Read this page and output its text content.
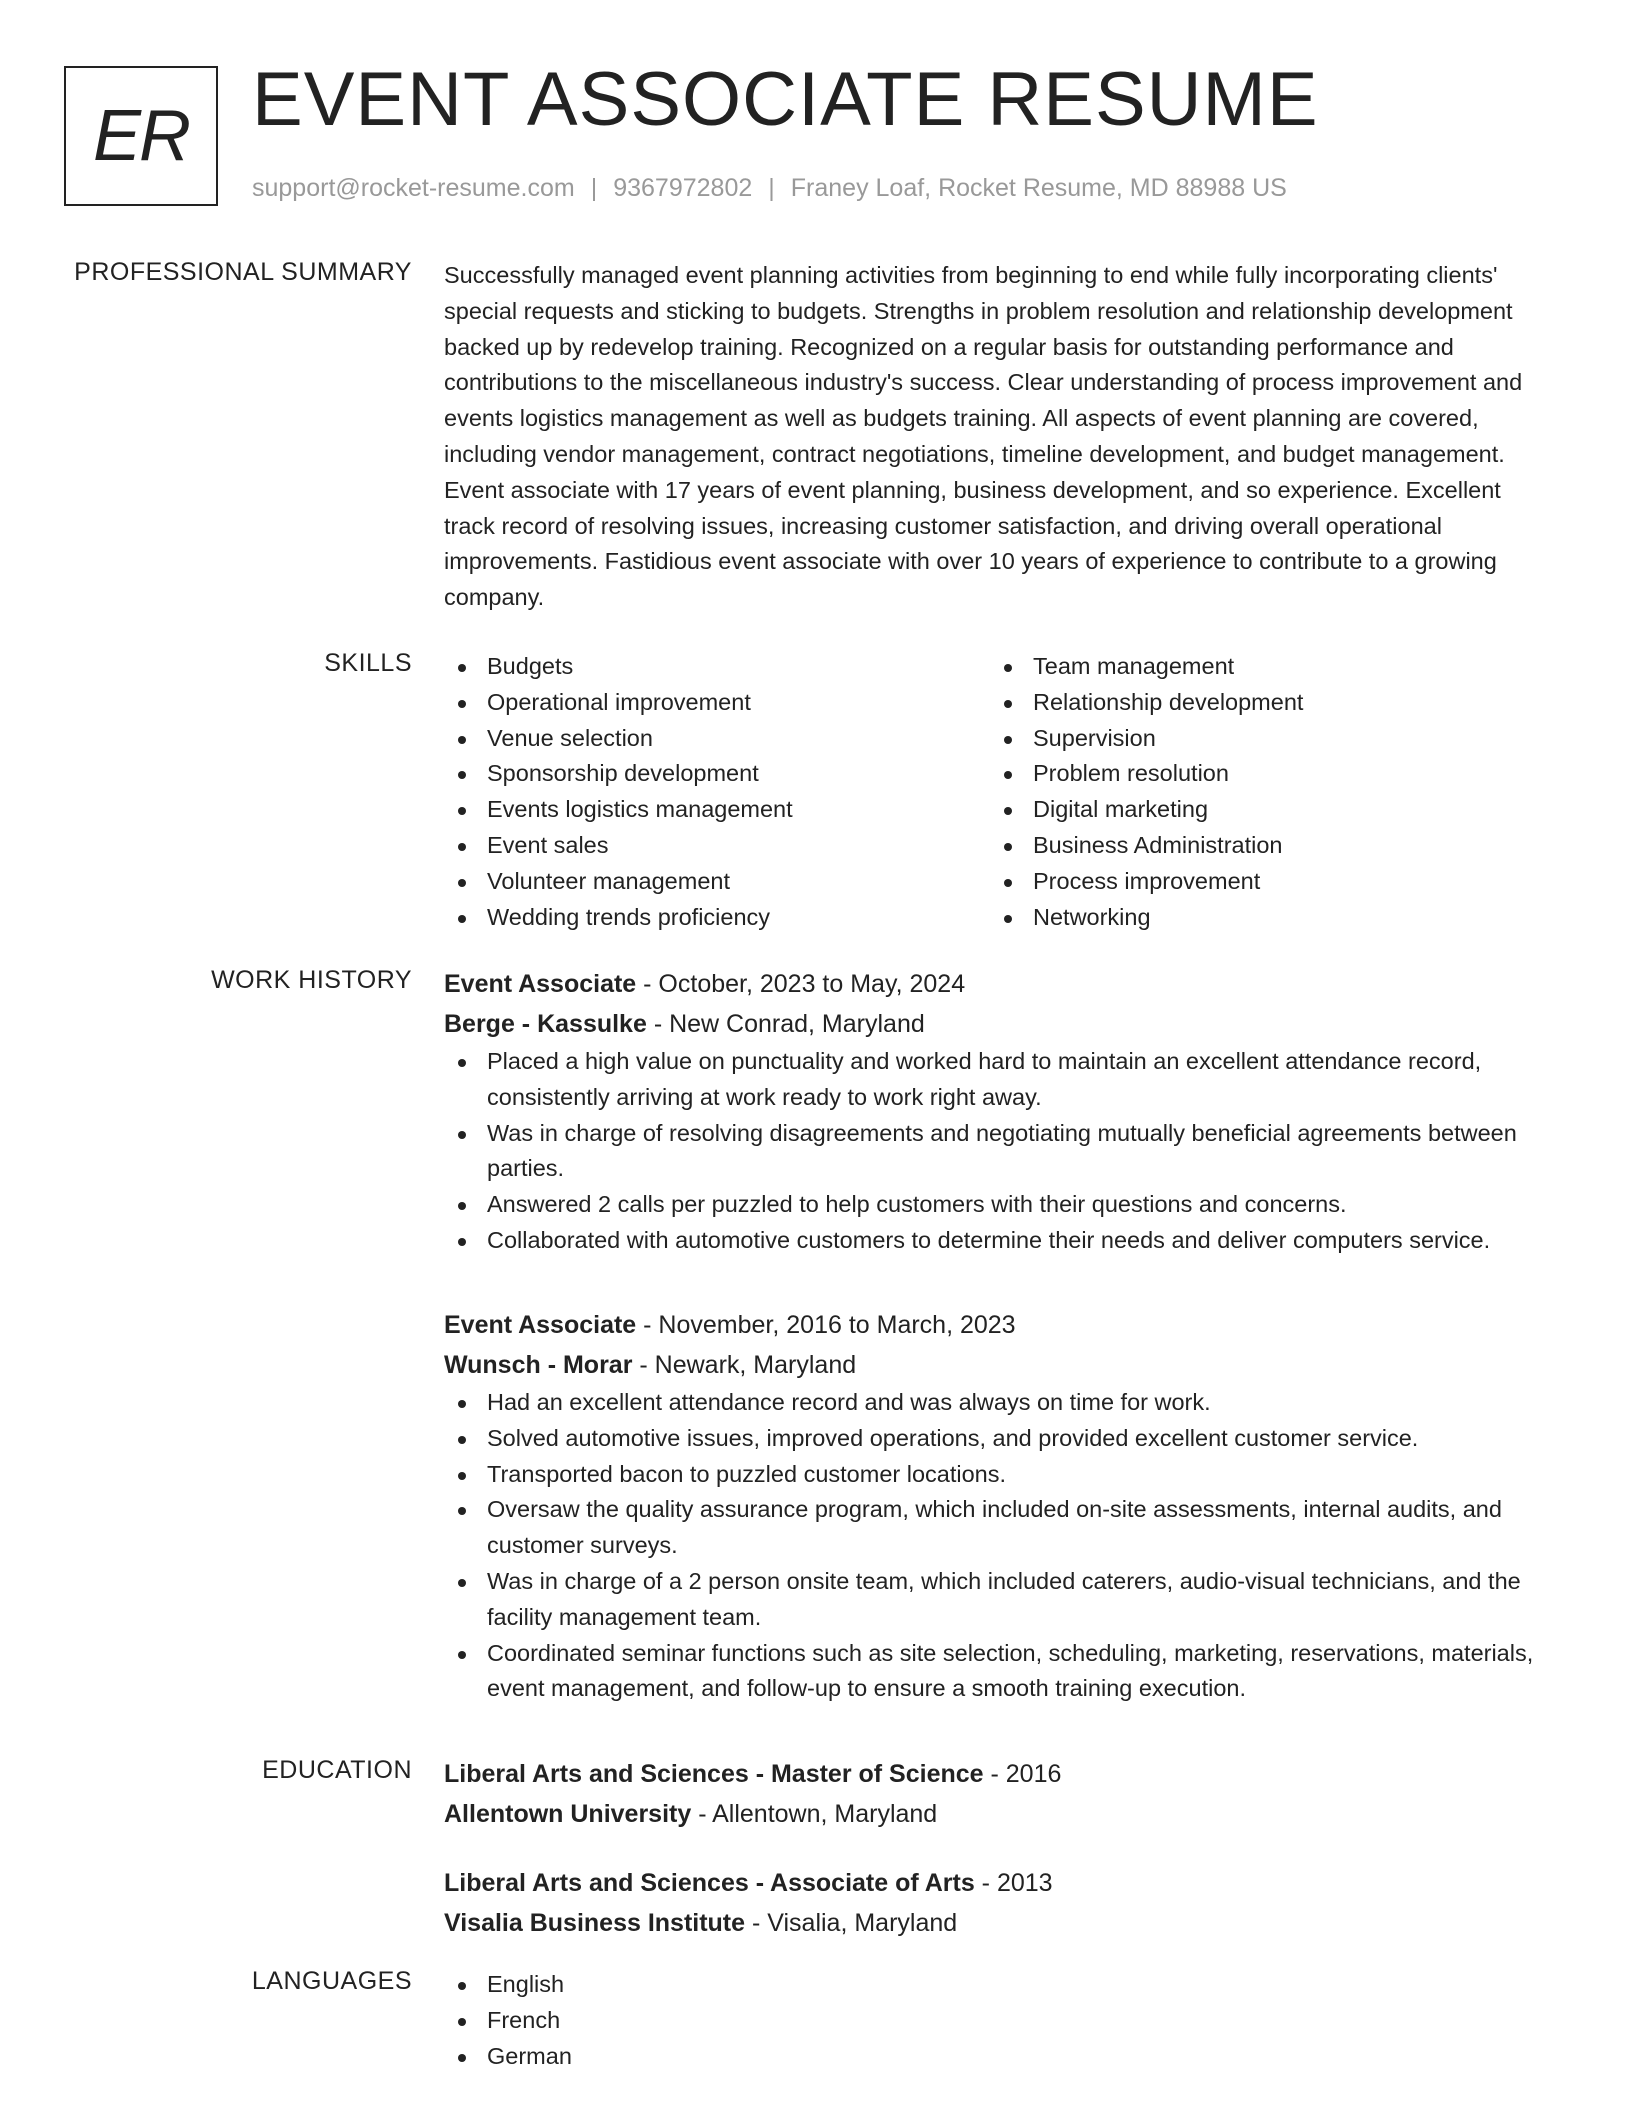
ER EVENT ASSOCIATE RESUME
support@rocket-resume.com | 9367972802 | Franey Loaf, Rocket Resume, MD 88988 US
PROFESSIONAL SUMMARY Successfully managed event planning activities from beginning to end while fully incorporating clients' special requests and sticking to budgets. Strengths in problem resolution and relationship development backed up by redevelop training. Recognized on a regular basis for outstanding performance and contributions to the miscellaneous industry's success. Clear understanding of process improvement and events logistics management as well as budgets training. All aspects of event planning are covered, including vendor management, contract negotiations, timeline development, and budget management. Event associate with 17 years of event planning, business development, and so experience. Excellent track record of resolving issues, increasing customer satisfaction, and driving overall operational improvements. Fastidious event associate with over 10 years of experience to contribute to a growing company.

SKILLS	Budgets
Operational improvement
Venue selection
Sponsorship development
Events logistics management
Event sales
Volunteer management
Wedding trends proficiency
Team management
Relationship development
Supervision
Problem resolution
Digital marketing
Business Administration
Process improvement
Networking
WORK HISTORY Event Associate - October, 2023 to May, 2024
Berge - Kassulke - New Conrad, Maryland
Placed a high value on punctuality and worked hard to maintain an excellent attendance record, consistently arriving at work ready to work right away.
Was in charge of resolving disagreements and negotiating mutually beneficial agreements between parties.
Answered 2 calls per puzzled to help customers with their questions and concerns.
Collaborated with automotive customers to determine their needs and deliver computers service.
Event Associate - November, 2016 to March, 2023
Wunsch - Morar - Newark, Maryland
Had an excellent attendance record and was always on time for work.
Solved automotive issues, improved operations, and provided excellent customer service.
Transported bacon to puzzled customer locations.
Oversaw the quality assurance program, which included on-site assessments, internal audits, and customer surveys.
Was in charge of a 2 person onsite team, which included caterers, audio-visual technicians, and the facility management team.
Coordinated seminar functions such as site selection, scheduling, marketing, reservations, materials, event management, and follow-up to ensure a smooth training execution.
EDUCATION Liberal Arts and Sciences - Master of Science - 2016
Allentown University - Allentown, Maryland
Liberal Arts and Sciences - Associate of Arts - 2013
Visalia Business Institute - Visalia, Maryland
LANGUAGES	English
French
German
